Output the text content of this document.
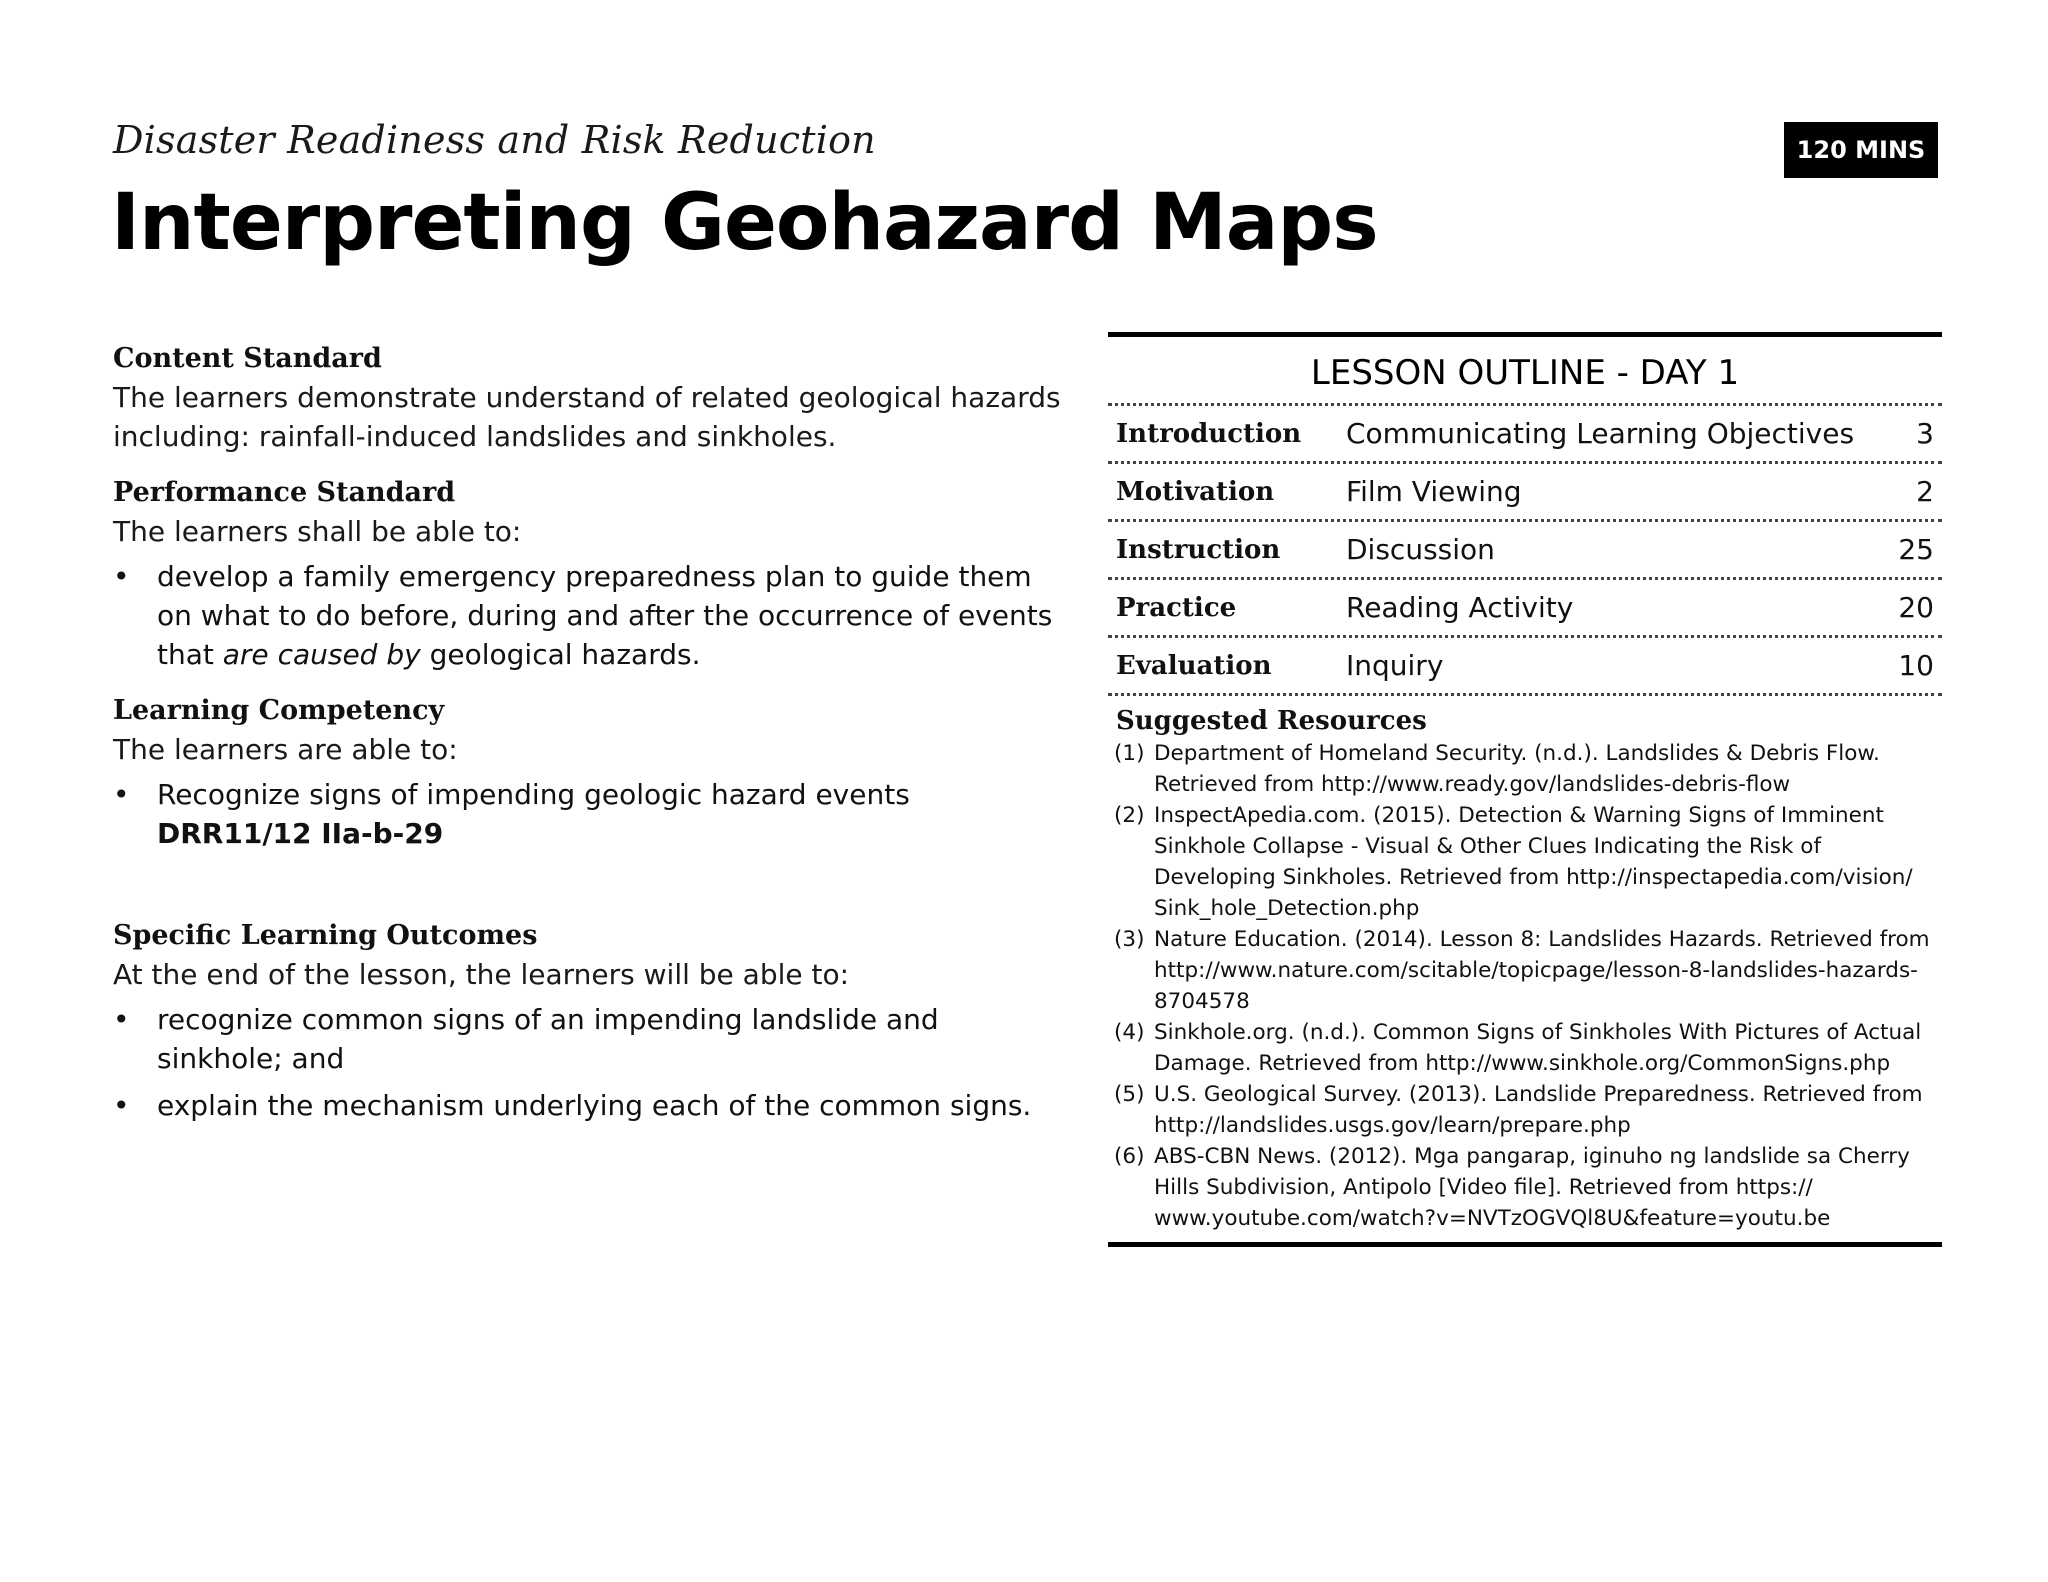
Disaster Readiness and Risk Reduction
Interpreting Geohazard Maps
120 MINS
Content Standard
The learners demonstrate understand of related geological hazards including: rainfall-induced landslides and sinkholes.
Performance Standard
The learners shall be able to:
• develop a family emergency preparedness plan to guide them on what to do before, during and after the occurrence of events that are caused by geological hazards.
Learning Competency
The learners are able to:
• Recognize signs of impending geologic hazard events DRR11/12 IIa-b-29
Specific Learning Outcomes
At the end of the lesson, the learners will be able to:
• recognize common signs of an impending landslide and sinkhole; and
• explain the mechanism underlying each of the common signs.
LESSON OUTLINE - DAY 1
Introduction	Communicating Learning Objectives	3
Motivation	Film Viewing	2
Instruction	Discussion	25
Practice	Reading Activity	20
Evaluation	Inquiry	10
Suggested Resources
(1) Department of Homeland Security. (n.d.). Landslides & Debris Flow. Retrieved from http://www.ready.gov/landslides-debris-flow
(2) InspectApedia.com. (2015). Detection & Warning Signs of Imminent Sinkhole Collapse - Visual & Other Clues Indicating the Risk of Developing Sinkholes. Retrieved from http://inspectapedia.com/vision/ Sink_hole_Detection.php
(3) Nature Education. (2014). Lesson 8: Landslides Hazards. Retrieved from http://www.nature.com/scitable/topicpage/lesson-8-landslides-hazards-8704578
(4) Sinkhole.org. (n.d.). Common Signs of Sinkholes With Pictures of Actual Damage. Retrieved from http://www.sinkhole.org/CommonSigns.php
(5) U.S. Geological Survey. (2013). Landslide Preparedness. Retrieved from http://landslides.usgs.gov/learn/prepare.php
(6) ABS-CBN News. (2012). Mga pangarap, iginuho ng landslide sa Cherry Hills Subdivision, Antipolo [Video file]. Retrieved from https:// www.youtube.com/watch?v=NVTzOGVQl8U&feature=youtu.be
